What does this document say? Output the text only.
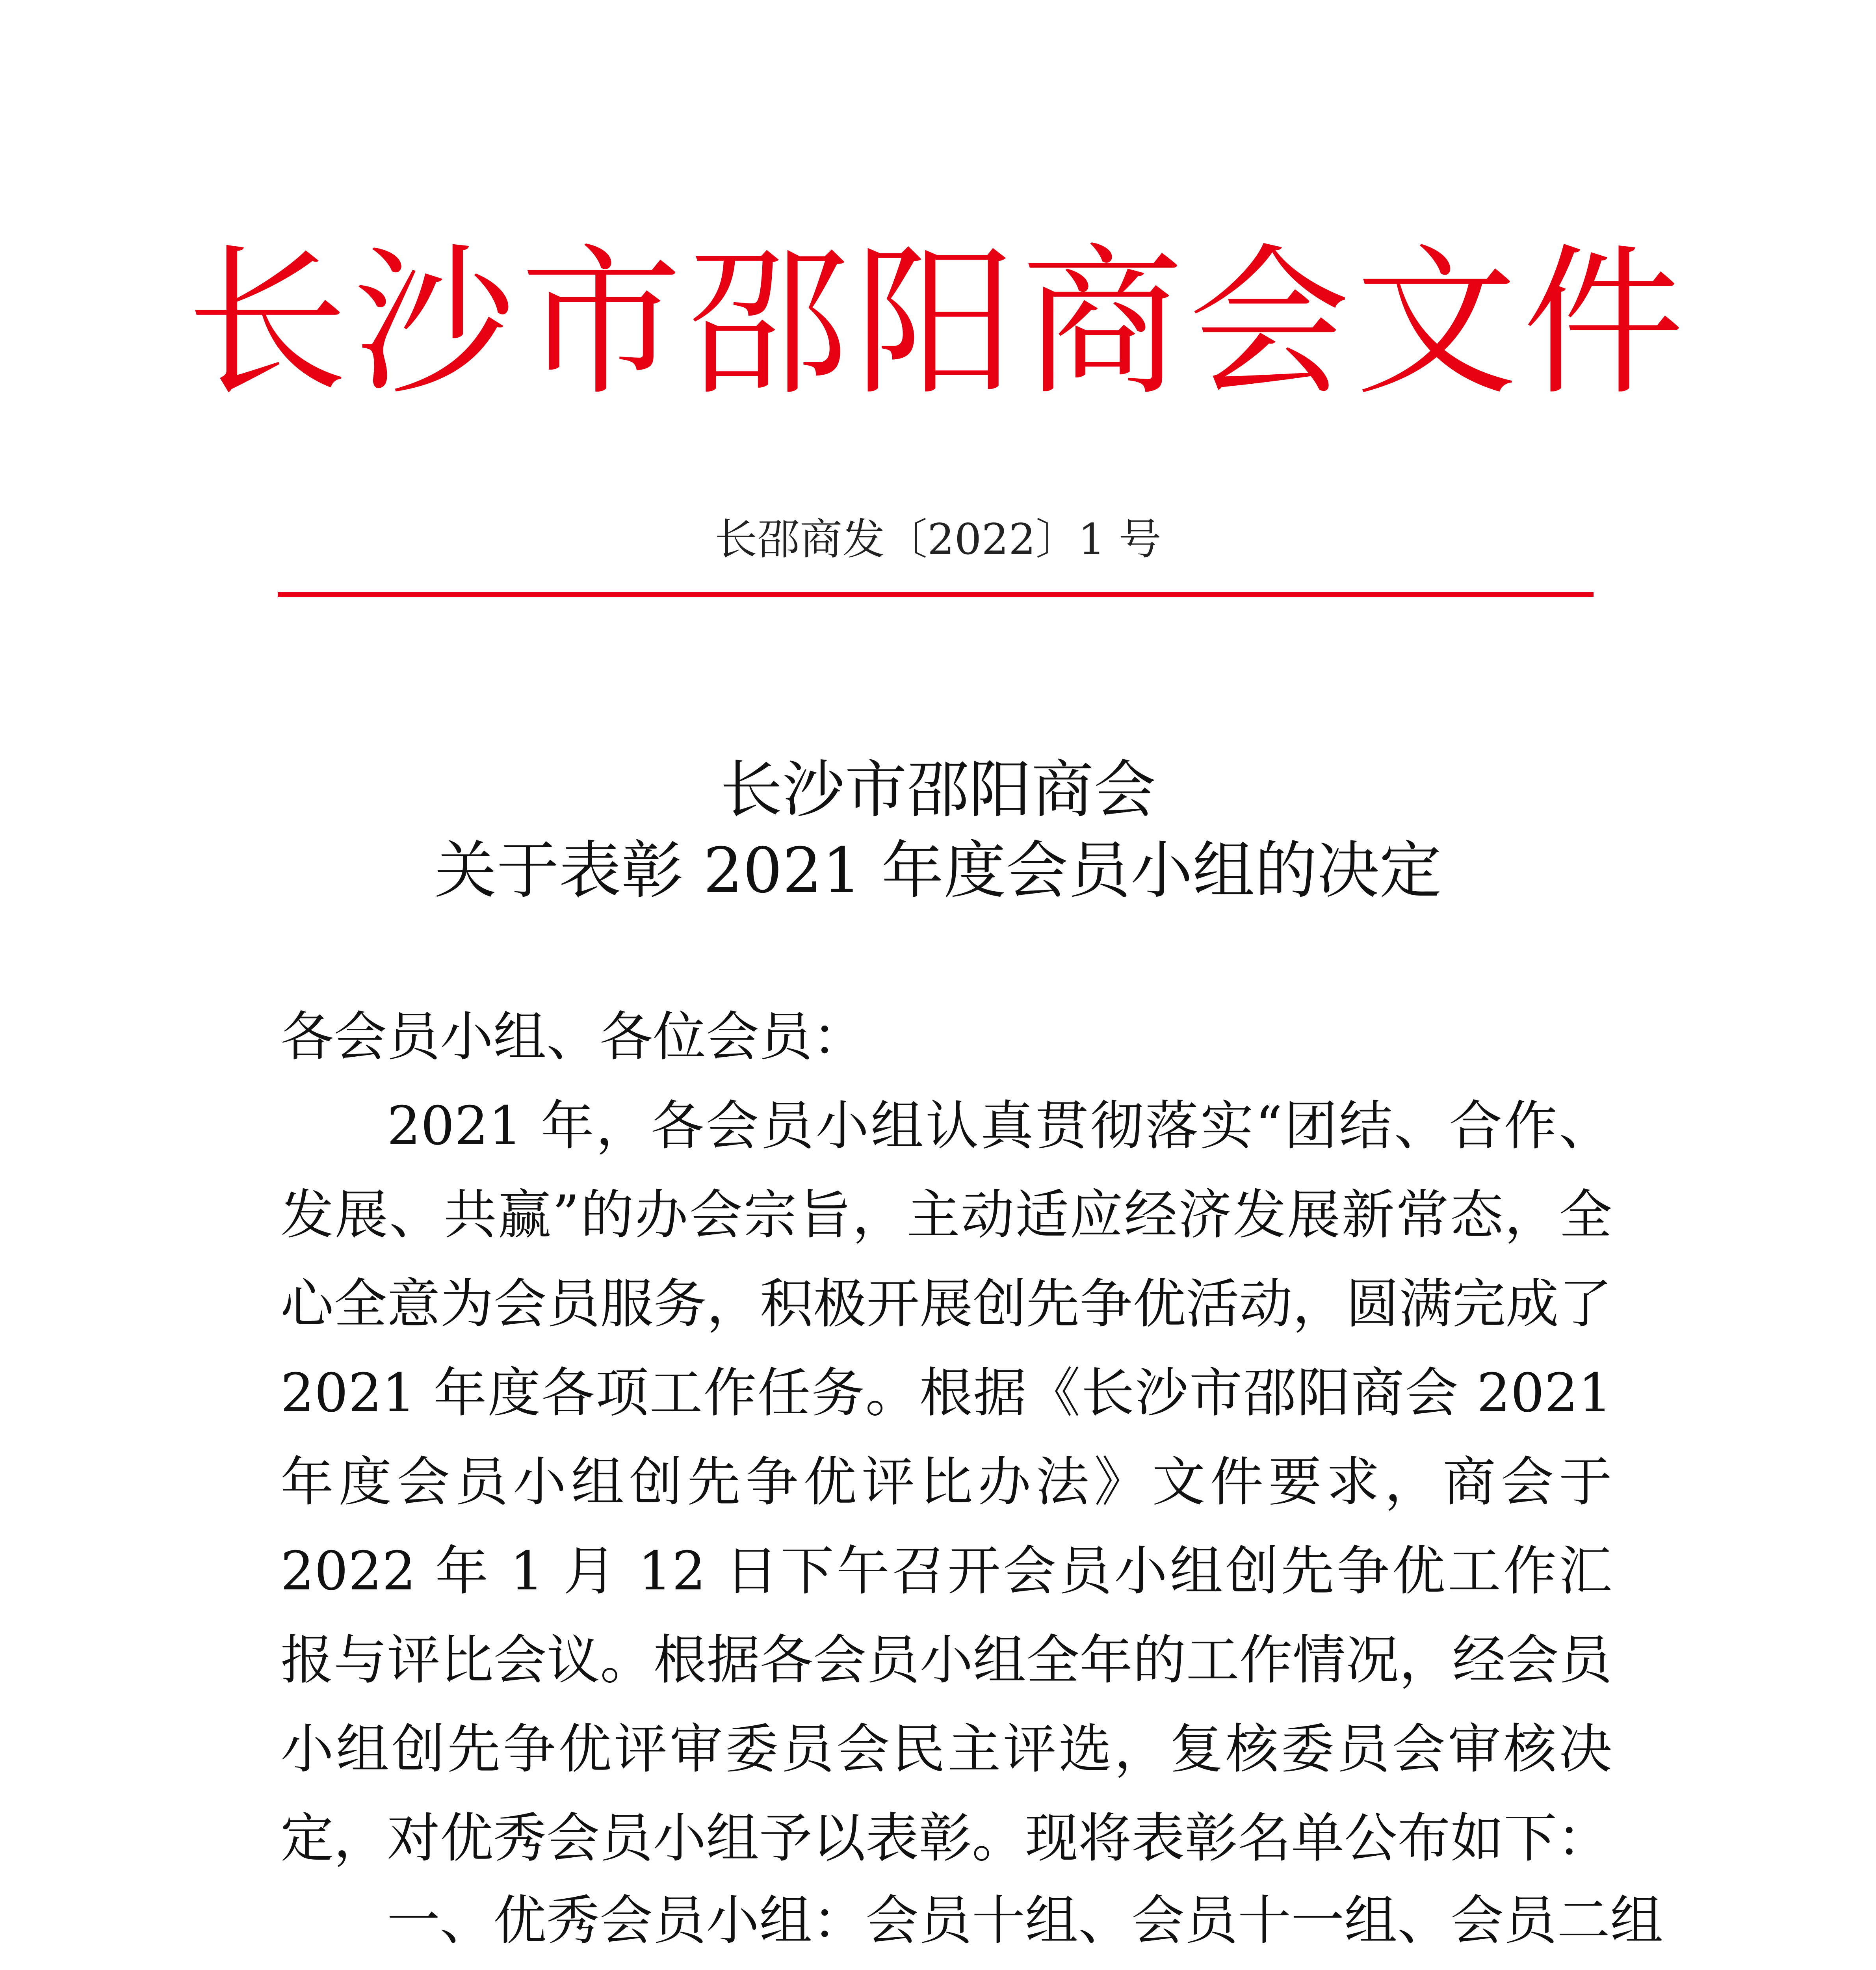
长沙市邵阳商会文件
长邵商发〔2022〕1 号
长沙市邵阳商会
关于表彰 2021 年度会员小组的决定
各会员小组、各位会员：

2021 年，各会员小组认真贯彻落实“团结、合作、发展、共赢”的办会宗旨，主动适应经济发展新常态，全心全意为会员服务，积极开展创先争优活动，圆满完成了 2021 年度各项工作任务。根据《长沙市邵阳商会 2021 年度会员小组创先争优评比办法》文件要求，商会于 2022 年 1 月 12 日下午召开会员小组创先争优工作汇报与评比会议。根据各会员小组全年的工作情况，经会员小组创先争优评审委员会民主评选，复核委员会审核决定，对优秀会员小组予以表彰。现将表彰名单公布如下：

一、优秀会员小组：会员十组、会员十一组、会员二组
